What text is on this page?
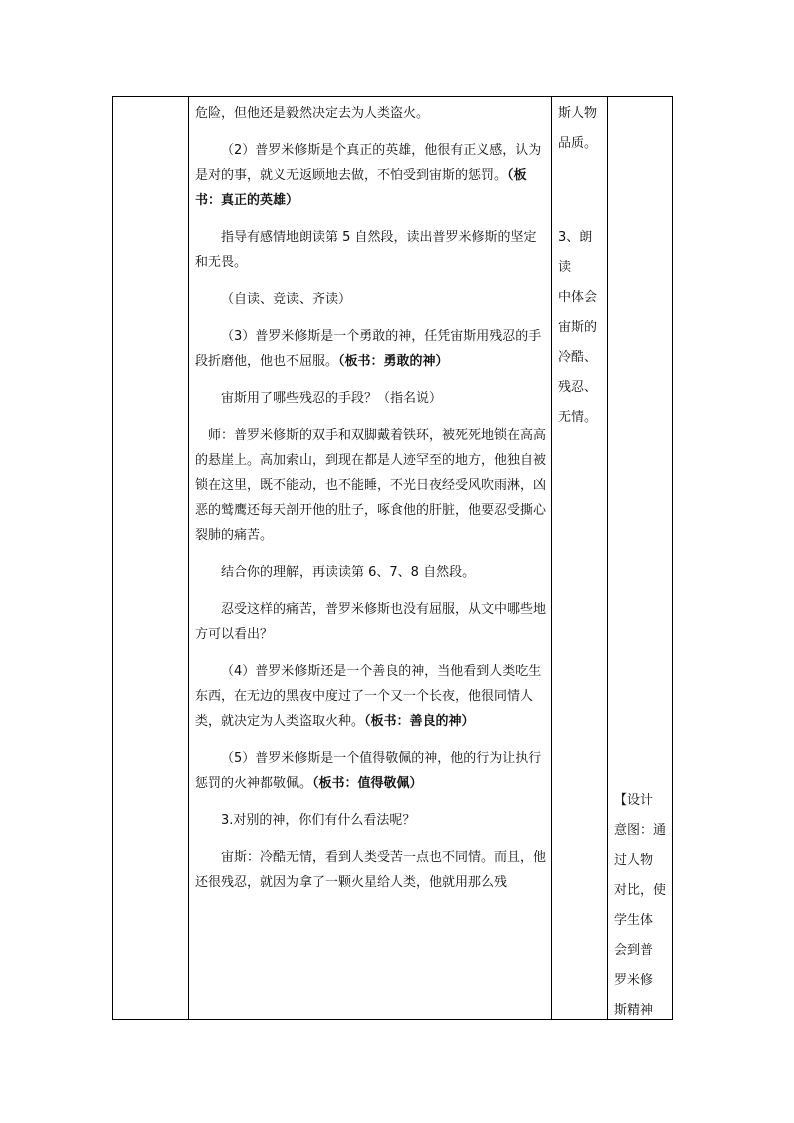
危险，但他还是毅然决定去为人类盗火。

（2）普罗米修斯是个真正的英雄，他很有正义感，认为是对的事，就义无返顾地去做，不怕受到宙斯的惩罚。（板书：真正的英雄）

指导有感情地朗读第 5 自然段，读出普罗米修斯的坚定和无畏。

（自读、竞读、齐读）

（3）普罗米修斯是一个勇敢的神，任凭宙斯用残忍的手段折磨他，他也不屈服。（板书：勇敢的神）

宙斯用了哪些残忍的手段？（指名说）

师：普罗米修斯的双手和双脚戴着铁环，被死死地锁在高高的悬崖上。高加索山，到现在都是人迹罕至的地方，他独自被锁在这里，既不能动，也不能睡，不光日夜经受风吹雨淋，凶恶的鹫鹰还每天剖开他的肚子，啄食他的肝脏，他要忍受撕心裂肺的痛苦。

结合你的理解，再读读第 6、7、8 自然段。

忍受这样的痛苦，普罗米修斯也没有屈服，从文中哪些地方可以看出？

（4）普罗米修斯还是一个善良的神，当他看到人类吃生东西，在无边的黑夜中度过了一个又一个长夜，他很同情人类，就决定为人类盗取火种。（板书：善良的神）

（5）普罗米修斯是一个值得敬佩的神，他的行为让执行惩罚的火神都敬佩。（板书：值得敬佩）

3.对别的神，你们有什么看法呢？

宙斯：冷酷无情，看到人类受苦一点也不同情。而且，他还很残忍，就因为拿了一颗火星给人类，他就用那么残

斯人物

品质。

3、朗读

中体会

宙斯的

冷酷、

残忍、

无情。

【设计

意图：通

过人物

对比，使

学生体

会到普

罗米修

斯精神
